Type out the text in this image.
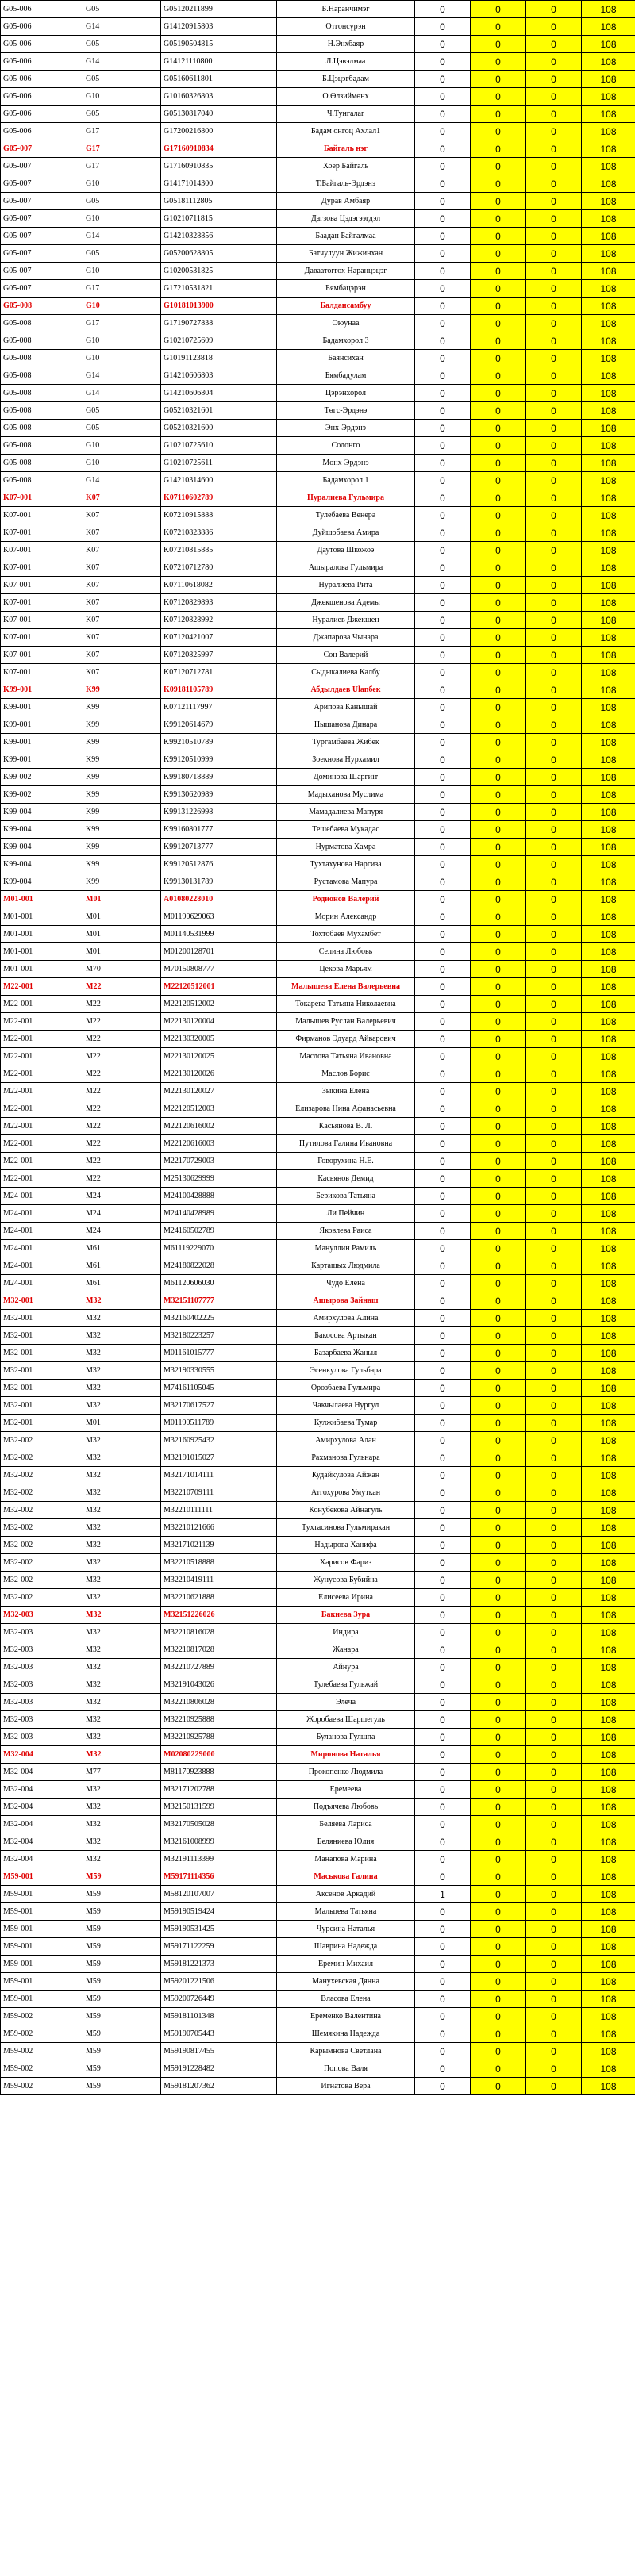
G05-006	G05	G05120211899	Б.Наранчимэг	0	0	0	108
G05-006	G14	G14120915803	Отгонсүрэн	0	0	0	108
G05-006	G05	G05190504815	Н.Энхбаяр	0	0	0	108
G05-006	G14	G14121110800	Л.Цэвэлмаа	0	0	0	108
G05-006	G05	G05160611801	Б.Цэцэгбадам	0	0	0	108
G05-006	G10	G10160326803	О.Өлзиймөнх	0	0	0	108
G05-006	G05	G05130817040	Ч.Тунгалаг	0	0	0	108
G05-006	G17	G17200216800	Бадам онгоц Ахлал1	0	0	0	108
G05-007	G17	G17160910834	Байгаль нэг	0	0	0	108
G05-007	G17	G17160910835	Хоёр Байгаль	0	0	0	108
G05-007	G10	G14171014300	Т.Байгаль-Эрдэнэ	0	0	0	108
G05-007	G05	G05181112805	Дурав Амбаяр	0	0	0	108
G05-007	G10	G10210711815	Дагзова Цэдэгээгдэл	0	0	0	108
G05-007	G14	G14210328856	Баадан Байгалмаа	0	0	0	108
G05-007	G05	G05200628805	Батчулуун Жижинхан	0	0	0	108
G05-007	G10	G10200531825	Даваатоггох Наранцэцэг	0	0	0	108
G05-007	G17	G17210531821	Бямбацэрэн	0	0	0	108
G05-008	G10	G10181013900	Балдансамбуу	0	0	0	108
G05-008	G17	G17190727838	Оюунаа	0	0	0	108
G05-008	G10	G10210725609	Бадамхорол 3	0	0	0	108
G05-008	G10	G10191123818	Баянсихан	0	0	0	108
G05-008	G14	G14210606803	Бямбадулам	0	0	0	108
G05-008	G14	G14210606804	Цэрэнхорол	0	0	0	108
G05-008	G05	G05210321601	Төгс-Эрдэнэ	0	0	0	108
G05-008	G05	G05210321600	Энх-Эрдэнэ	0	0	0	108
G05-008	G10	G10210725610	Солонго	0	0	0	108
G05-008	G10	G10210725611	Мөнх-Эрдэнэ	0	0	0	108
G05-008	G14	G14210314600	Бадамхорол 1	0	0	0	108
K07-001	K07	K07110602789	Нуралиева Гульмира	0	0	0	108
K07-001	K07	K07210915888	Тулебаева Венера	0	0	0	108
K07-001	K07	K07210823886	Дуйшобаева Амира	0	0	0	108
K07-001	K07	K07210815885	Даутова Шкожоэ	0	0	0	108
K07-001	K07	K07210712780	Ашыралова Гульмира	0	0	0	108
K07-001	K07	K07110618082	Нуралиева Рита	0	0	0	108
K07-001	K07	K07120829893	Джекшенова Адемы	0	0	0	108
K07-001	K07	K07120828992	Нуралиев Джекшен	0	0	0	108
K07-001	K07	K07120421007	Джапарова Чынара	0	0	0	108
K07-001	K07	K07120825997	Сон Валерий	0	0	0	108
K07-001	K07	K07120712781	Сыдыкалиева Калбу	0	0	0	108
K99-001	K99	K09181105789	Абдылдаев Ulanбек	0	0	0	108
K99-001	K99	K07121117997	Арипова Канышай	0	0	0	108
K99-001	K99	K99120614679	Нышанова Динара	0	0	0	108
K99-001	K99	K99210510789	Тургамбаева Жибек	0	0	0	108
K99-001	K99	K99120510999	Зоекнова Нурхамил	0	0	0	108
K99-002	K99	K99180718889	Доминова Шаргиіт	0	0	0	108
K99-002	K99	K99130620989	Мадыханова Муслима	0	0	0	108
K99-004	K99	K99131226998	Мамадалиева Мапуря	0	0	0	108
K99-004	K99	K99160801777	Тешебаева Мукадас	0	0	0	108
K99-004	K99	K99120713777	Нурматова Хамра	0	0	0	108
K99-004	K99	K99120512876	Тухтахунова Наргиза	0	0	0	108
K99-004	K99	K99130131789	Рустамова Мапура	0	0	0	108
M01-001	M01	A01080228010	Родионов Валерий	0	0	0	108
M01-001	M01	M01190629063	Морин Александр	0	0	0	108
M01-001	M01	M01140531999	Тохтобаев Мухамбет	0	0	0	108
M01-001	M01	M01200128701	Селина Любовь	0	0	0	108
M01-001	M70	M70150808777	Цекова Марьям	0	0	0	108
M22-001	M22	M22120512001	Малышева Елена Валерьевна	0	0	0	108
M22-001	M22	M22120512002	Токарева Татьяна Николаевна	0	0	0	108
M22-001	M22	M22130120004	Малышев Руслан Валерьевич	0	0	0	108
M22-001	M22	M22130320005	Фирманов Эдуард Айварович	0	0	0	108
M22-001	M22	M22130120025	Маслова Татьяна Ивановна	0	0	0	108
M22-001	M22	M22130120026	Маслов Борис	0	0	0	108
M22-001	M22	M22130120027	Зыкина Елена	0	0	0	108
M22-001	M22	M22120512003	Елизарова Нина Афанасьевна	0	0	0	108
M22-001	M22	M22120616002	Касьянова В. Л.	0	0	0	108
M22-001	M22	M22120616003	Путилова Галина Ивановна	0	0	0	108
M22-001	M22	M22170729003	Говорухина Н.Е.	0	0	0	108
M22-001	M22	M25130629999	Касьянов Демид	0	0	0	108
M24-001	M24	M24100428888	Берикова Татьяна	0	0	0	108
M24-001	M24	M24140428989	Ли Пейчин	0	0	0	108
M24-001	M24	M24160502789	Яковлева Раиса	0	0	0	108
M24-001	M61	M61119229070	Мануллин Рамиль	0	0	0	108
M24-001	M61	M24180822028	Карташых Людмила	0	0	0	108
M24-001	M61	M61120606030	Чудо Елена	0	0	0	108
M32-001	M32	M32151107777	Ашырова Зайнаш	0	0	0	108
M32-001	M32	M32160402225	Амирхулова Алина	0	0	0	108
M32-001	M32	M32180223257	Бакосова Артыкан	0	0	0	108
M32-001	M32	M01161015777	Базарбаева Жаныл	0	0	0	108
M32-001	M32	M32190330555	Эсенкулова Гульбара	0	0	0	108
M32-001	M32	M74161105045	Орозбаева Гульмира	0	0	0	108
M32-001	M32	M32170617527	Чакчылаева Нургул	0	0	0	108
M32-001	M01	M01190511789	Кулжибаева Тумар	0	0	0	108
M32-002	M32	M32160925432	Амирхулова Алан	0	0	0	108
M32-002	M32	M32191015027	Рахманова Гульнара	0	0	0	108
M32-002	M32	M32171014111	Кудайкулова Айжан	0	0	0	108
M32-002	M32	M32210709111	Атгохурова Умуткан	0	0	0	108
M32-002	M32	M32210111111	Конубекова Айнагуль	0	0	0	108
M32-002	M32	M32210121666	Тухтасинова Гульмиракан	0	0	0	108
M32-002	M32	M32171021139	Надырова Ханифа	0	0	0	108
M32-002	M32	M32210518888	Харисов Фариз	0	0	0	108
M32-002	M32	M32210419111	Жунусова Бубийна	0	0	0	108
M32-002	M32	M32210621888	Елисеева Ирина	0	0	0	108
M32-003	M32	M32151226026	Бакиева Зура	0	0	0	108
M32-003	M32	M32210816028	Индира	0	0	0	108
M32-003	M32	M32210817028	Жанара	0	0	0	108
M32-003	M32	M32210727889	Айнура	0	0	0	108
M32-003	M32	M32191043026	Тулебаева Гульжай	0	0	0	108
M32-003	M32	M32210806028	Элеча	0	0	0	108
M32-003	M32	M32210925888	Жоробаева Шаршегуль	0	0	0	108
M32-003	M32	M32210925788	Буланова Гулшпа	0	0	0	108
M32-004	M32	M02080229000	Миронова Наталья	0	0	0	108
M32-004	M77	M81170923888	Прокопенко Людмила	0	0	0	108
M32-004	M32	M32171202788	Еремеева	0	0	0	108
M32-004	M32	M32150131599	Подъячева Любовь	0	0	0	108
M32-004	M32	M32170505028	Беляева Лариса	0	0	0	108
M32-004	M32	M32161008999	Беляниева Юлия	0	0	0	108
M32-004	M32	M32191113399	Манапова Марина	0	0	0	108
M59-001	M59	M59171114356	Маськова Галина	0	0	0	108
M59-001	M59	M58120107007	Аксенов Аркадий	1	0	0	108
M59-001	M59	M59190519424	Мальцева Татьяна	0	0	0	108
M59-001	M59	M59190531425	Чурсина Наталья	0	0	0	108
M59-001	M59	M59171122259	Шаврина Надежда	0	0	0	108
M59-001	M59	M59181221373	Еремин Михаил	0	0	0	108
M59-001	M59	M59201221506	Манухевская Дянна	0	0	0	108
M59-001	M59	M59200726449	Власова Елена	0	0	0	108
M59-002	M59	M59181101348	Еременко Валентина	0	0	0	108
M59-002	M59	M59190705443	Шемякина Надежда	0	0	0	108
M59-002	M59	M59190817455	Карымнова Светлана	0	0	0	108
M59-002	M59	M59191228482	Попова Валя	0	0	0	108
M59-002	M59	M59181207362	Игнатова Вера	0	0	0	108
